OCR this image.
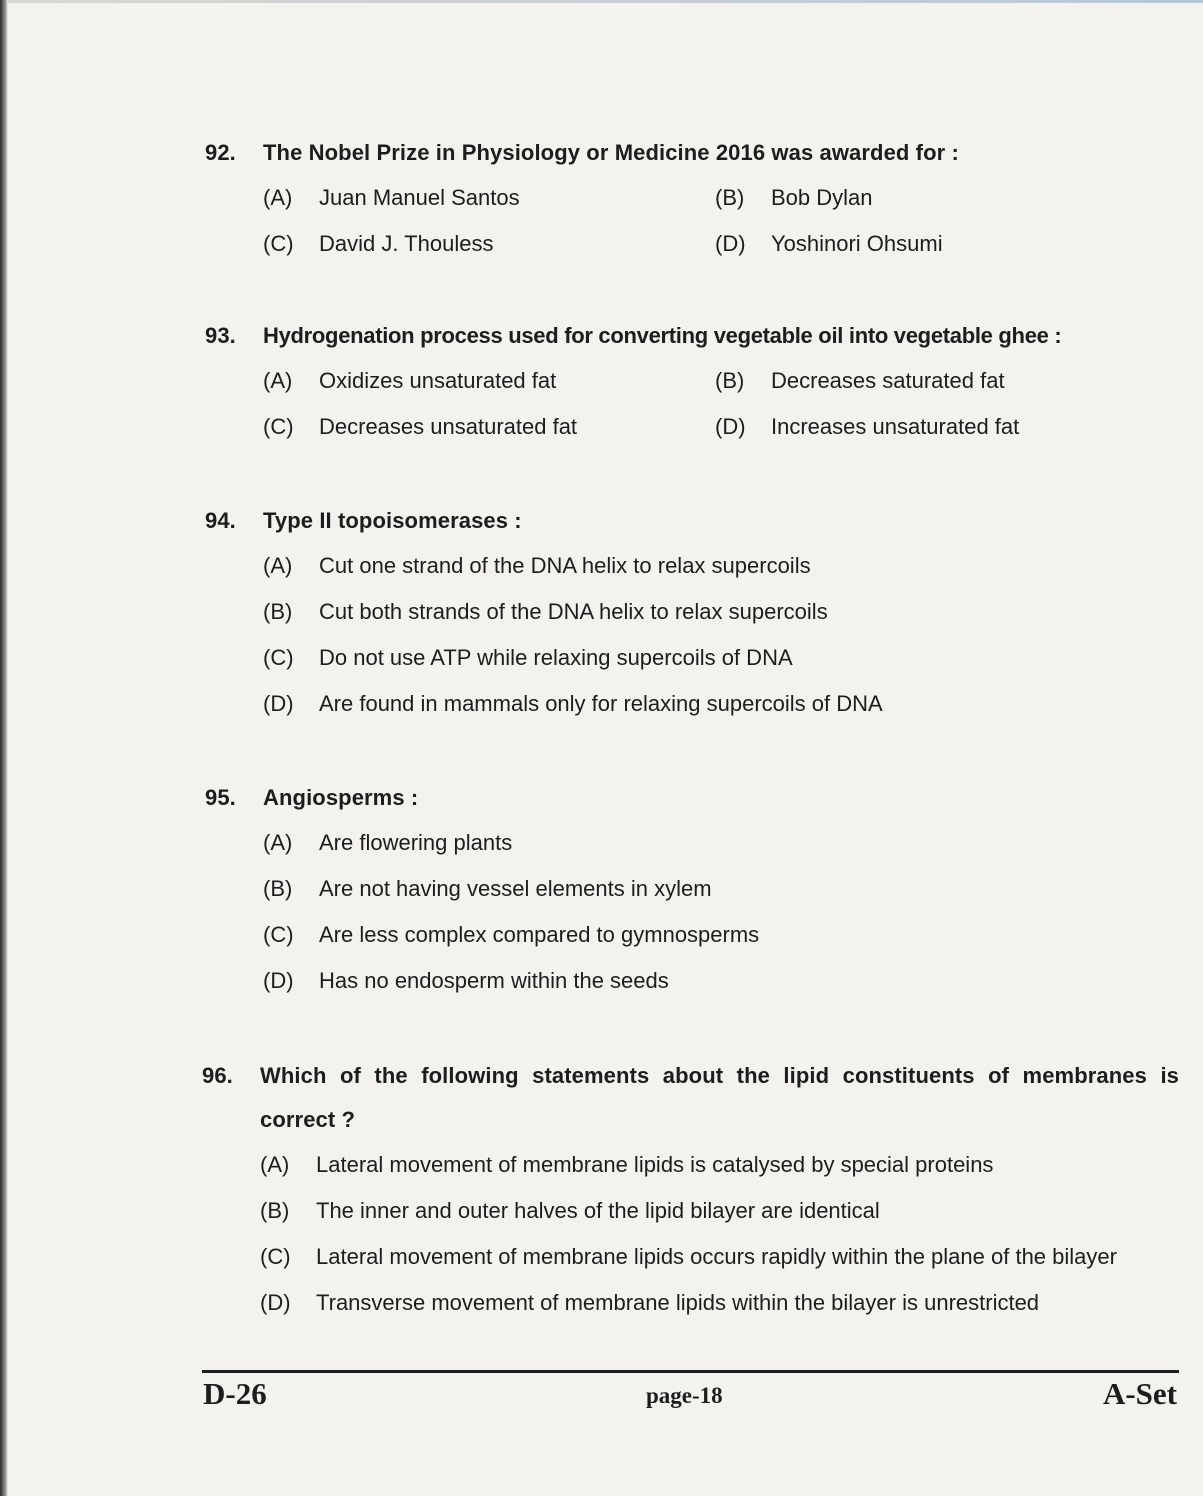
92.	The Nobel Prize in Physiology or Medicine 2016 was awarded for :
(A)	Juan Manuel Santos	(B)	Bob Dylan
(C)	David J. Thouless	(D)	Yoshinori Ohsumi
93.	Hydrogenation process used for converting vegetable oil into vegetable ghee :
(A)	Oxidizes unsaturated fat	(B)	Decreases saturated fat
(C)	Decreases unsaturated fat	(D)	Increases unsaturated fat
94.	Type II topoisomerases :
(A)	Cut one strand of the DNA helix to relax supercoils
(B)	Cut both strands of the DNA helix to relax supercoils
(C)	Do not use ATP while relaxing supercoils of DNA
(D)	Are found in mammals only for relaxing supercoils of DNA
95.	Angiosperms :
(A)	Are flowering plants
(B)	Are not having vessel elements in xylem
(C)	Are less complex compared to gymnosperms
(D)	Has no endosperm within the seeds
96.	Which of the following statements about the lipid constituents of membranes is correct ?
(A)	Lateral movement of membrane lipids is catalysed by special proteins
(B)	The inner and outer halves of the lipid bilayer are identical
(C)	Lateral movement of membrane lipids occurs rapidly within the plane of the bilayer
(D)	Transverse movement of membrane lipids within the bilayer is unrestricted
D-26	page-18	A-Set
